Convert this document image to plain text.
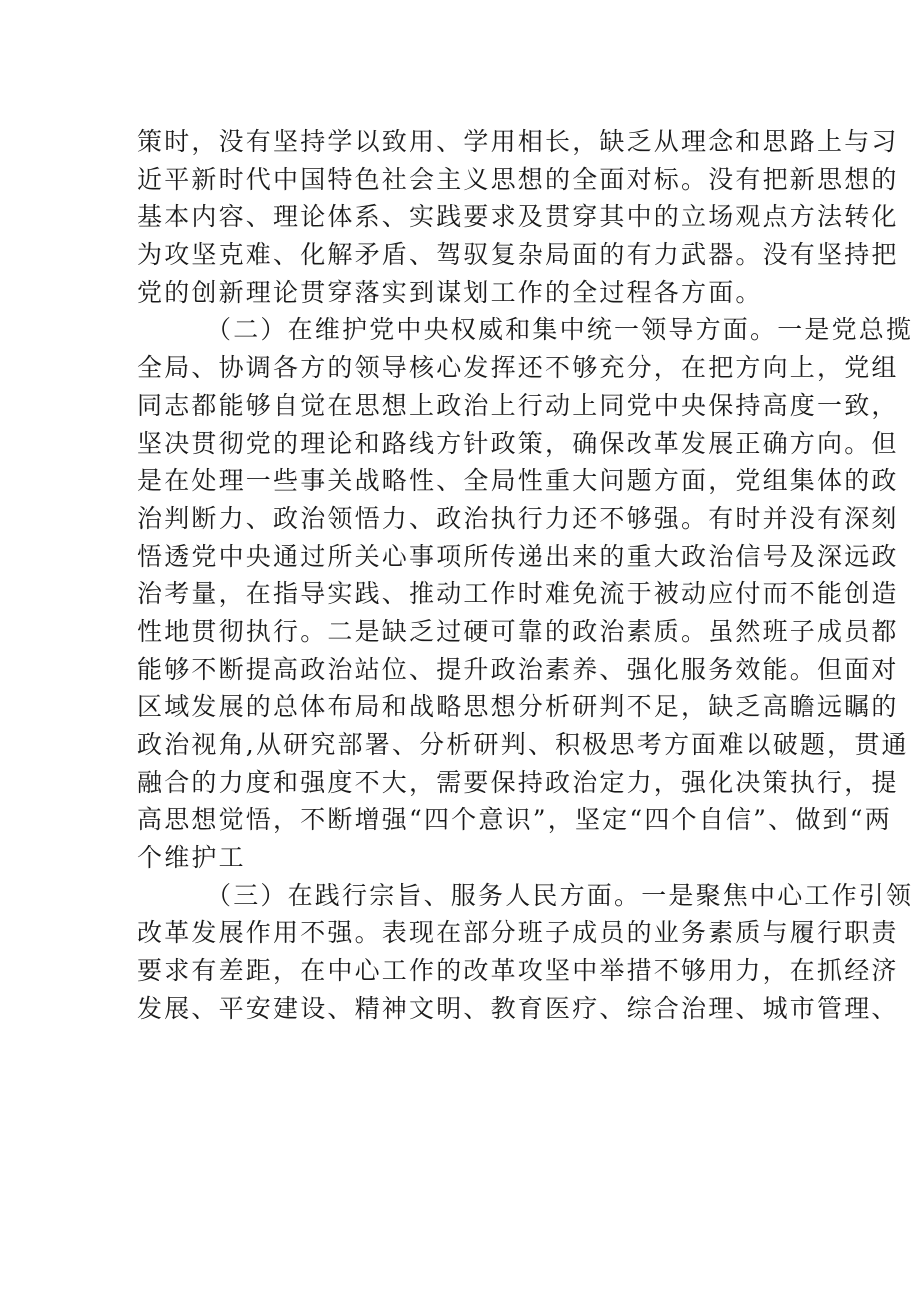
策时，没有坚持学以致用、学用相长，缺乏从理念和思路上与习
近平新时代中国特色社会主义思想的全面对标。没有把新思想的
基本内容、理论体系、实践要求及贯穿其中的立场观点方法转化
为攻坚克难、化解矛盾、驾驭复杂局面的有力武器。没有坚持把
党的创新理论贯穿落实到谋划工作的全过程各方面。
（二）在维护党中央权威和集中统一领导方面。一是党总揽
全局、协调各方的领导核心发挥还不够充分，在把方向上，党组
同志都能够自觉在思想上政治上行动上同党中央保持高度一致，
坚决贯彻党的理论和路线方针政策，确保改革发展正确方向。但
是在处理一些事关战略性、全局性重大问题方面，党组集体的政
治判断力、政治领悟力、政治执行力还不够强。有时并没有深刻
悟透党中央通过所关心事项所传递出来的重大政治信号及深远政
治考量，在指导实践、推动工作时难免流于被动应付而不能创造
性地贯彻执行。二是缺乏过硬可靠的政治素质。虽然班子成员都
能够不断提高政治站位、提升政治素养、强化服务效能。但面对
区域发展的总体布局和战略思想分析研判不足，缺乏高瞻远瞩的
政治视角,从研究部署、分析研判、积极思考方面难以破题，贯通
融合的力度和强度不大，需要保持政治定力，强化决策执行，提
高思想觉悟，不断增强“四个意识”，坚定“四个自信”、做到“两
个维护工
（三）在践行宗旨、服务人民方面。一是聚焦中心工作引领
改革发展作用不强。表现在部分班子成员的业务素质与履行职责
要求有差距，在中心工作的改革攻坚中举措不够用力，在抓经济
发展、平安建设、精神文明、教育医疗、综合治理、城市管理、
